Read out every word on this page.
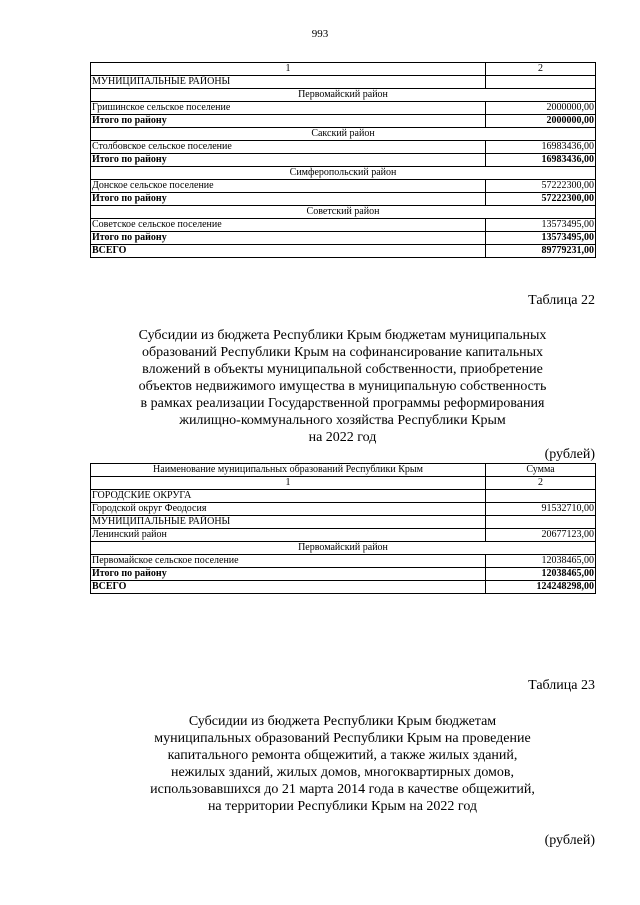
993
1	2
МУНИЦИПАЛЬНЫЕ РАЙОНЫ	
Первомайский район	
Гришинское сельское поселение	2000000,00
Итого по району	2000000,00
Сакский район	
Столбовское сельское поселение	16983436,00
Итого по району	16983436,00
Симферопольский район	
Донское сельское поселение	57222300,00
Итого по району	57222300,00
Советский район	
Советское сельское поселение	13573495,00
Итого по району	13573495,00
ВСЕГО	89779231,00
Таблица 22
Субсидии из бюджета Республики Крым бюджетам муниципальных
образований Республики Крым на софинансирование капитальных
вложений в объекты муниципальной собственности, приобретение
объектов недвижимого имущества в муниципальную собственность
в рамках реализации Государственной программы реформирования
жилищно-коммунального хозяйства Республики Крым
на 2022 год
(рублей)
Наименование муниципальных образований Республики Крым	Сумма
1	2
ГОРОДСКИЕ ОКРУГА	
Городской округ Феодосия	91532710,00
МУНИЦИПАЛЬНЫЕ РАЙОНЫ	
Ленинский район	20677123,00
Первомайский район	
Первомайское сельское поселение	12038465,00
Итого по району	12038465,00
ВСЕГО	124248298,00
Таблица 23
Субсидии из бюджета Республики Крым бюджетам
муниципальных образований Республики Крым на проведение
капитального ремонта общежитий, а также жилых зданий,
нежилых зданий, жилых домов, многоквартирных домов,
использовавшихся до 21 марта 2014 года в качестве общежитий,
на территории Республики Крым на 2022 год
(рублей)
